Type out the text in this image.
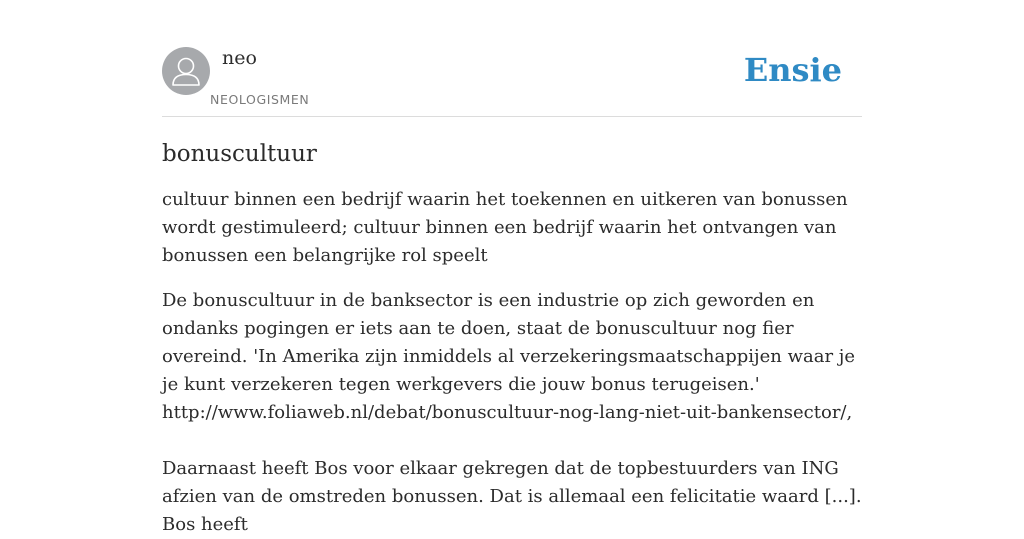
neo
NEOLOGISMEN
Ensie
bonuscultuur

cultuur binnen een bedrijf waarin het toekennen en uitkeren van bonussen wordt gestimuleerd; cultuur binnen een bedrijf waarin het ontvangen van bonussen een belangrijke rol speelt

De bonuscultuur in de banksector is een industrie op zich geworden en ondanks pogingen er iets aan te doen, staat de bonuscultuur nog fier overeind. 'In Amerika zijn inmiddels al verzekeringsmaatschappijen waar je je kunt verzekeren tegen werkgevers die jouw bonus terugeisen.' http://www.foliaweb.nl/debat/bonuscultuur-nog-lang-niet-uit-bankensector/,
Daarnaast heeft Bos voor elkaar gekregen dat de topbestuurders van ING afzien van de omstreden bonussen. Dat is allemaal een felicitatie waard [...]. Bos heeft
